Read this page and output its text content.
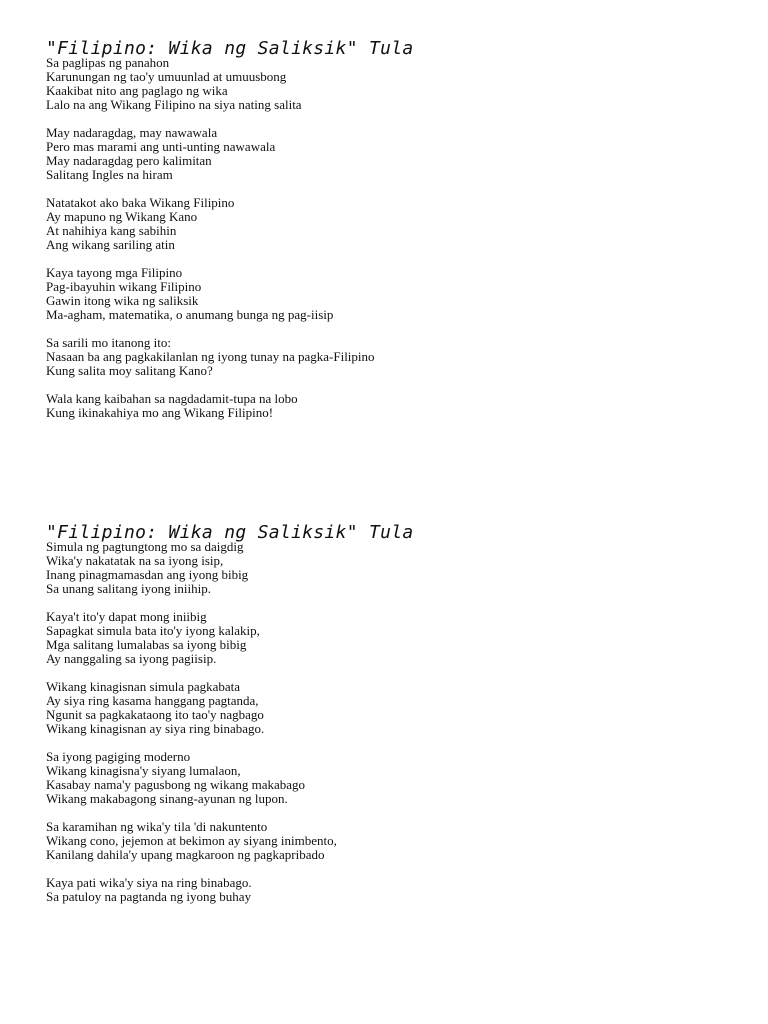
"Filipino: Wika ng Saliksik" Tula
Sa paglipas ng panahon
Karunungan ng tao'y umuunlad at umuusbong
Kaakibat nito ang paglago ng wika
Lalo na ang Wikang Filipino na siya nating salita
May nadaragdag, may nawawala
Pero mas marami ang unti-unting nawawala
May nadaragdag pero kalimitan
Salitang Ingles na hiram
Natatakot ako baka Wikang Filipino
Ay mapuno ng Wikang Kano
At nahihiya kang sabihin
Ang wikang sariling atin
Kaya tayong mga Filipino
Pag-ibayuhin wikang Filipino
Gawin itong wika ng saliksik
Ma-agham, matematika, o anumang bunga ng pag-iisip
Sa sarili mo itanong ito:
Nasaan ba ang pagkakilanlan ng iyong tunay na pagka-Filipino
Kung salita moy salitang Kano?
Wala kang kaibahan sa nagdadamit-tupa na lobo
Kung ikinakahiya mo ang Wikang Filipino!
"Filipino: Wika ng Saliksik" Tula
Simula ng pagtungtong mo sa daigdig
Wika'y nakatatak na sa iyong isip,
Inang pinagmamasdan ang iyong bibig
Sa unang salitang iyong iniihip.
Kaya't ito'y dapat mong iniibig
Sapagkat simula bata ito'y iyong kalakip,
Mga salitang lumalabas sa iyong bibig
Ay nanggaling sa iyong pagiisip.
Wikang kinagisnan simula pagkabata
Ay siya ring kasama hanggang pagtanda,
Ngunit sa pagkakataong ito tao'y nagbago
Wikang kinagisnan ay siya ring binabago.
Sa iyong pagiging moderno
Wikang kinagisna'y siyang lumalaon,
Kasabay nama'y pagusbong ng wikang makabago
Wikang makabagong sinang-ayunan ng lupon.
Sa karamihan ng wika'y tila 'di nakuntento
Wikang cono, jejemon at bekimon ay siyang inimbento,
Kanilang dahila'y upang magkaroon ng pagkapribado
Kaya pati wika'y siya na ring binabago.
Sa patuloy na pagtanda ng iyong buhay
